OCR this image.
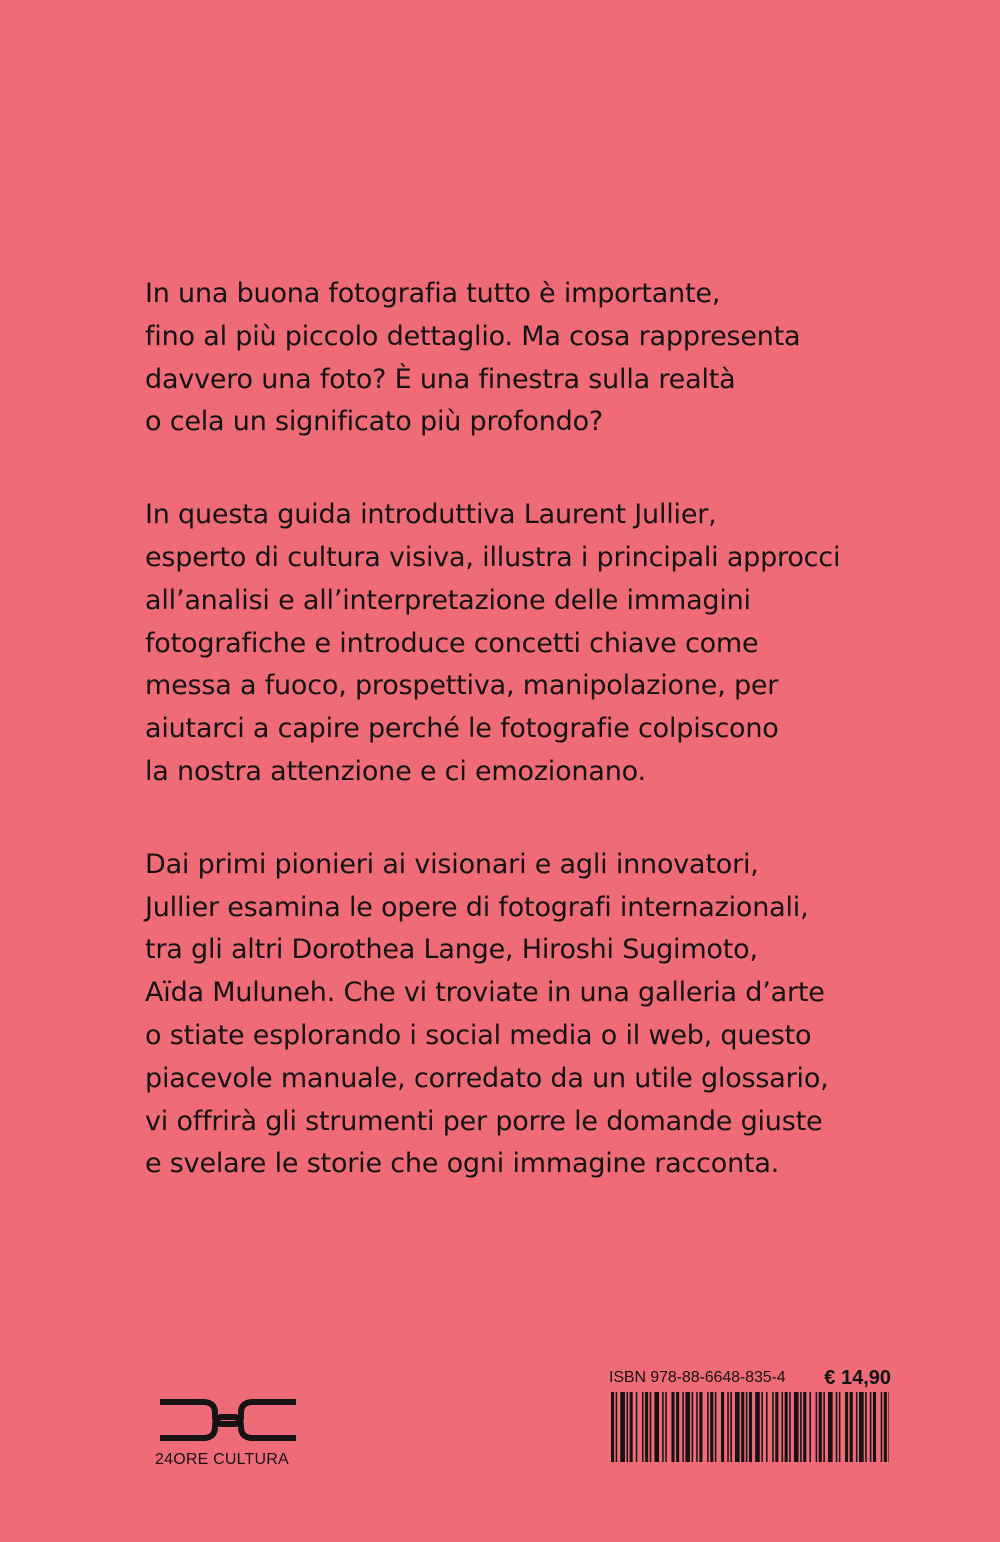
In una buona fotografia tutto è importante,
fino al più piccolo dettaglio. Ma cosa rappresenta
davvero una foto? È una finestra sulla realtà
o cela un significato più profondo?

In questa guida introduttiva Laurent Jullier,
esperto di cultura visiva, illustra i principali approcci
all’analisi e all’interpretazione delle immagini
fotografiche e introduce concetti chiave come
messa a fuoco, prospettiva, manipolazione, per
aiutarci a capire perché le fotografie colpiscono
la nostra attenzione e ci emozionano.

Dai primi pionieri ai visionari e agli innovatori,
Jullier esamina le opere di fotografi internazionali,
tra gli altri Dorothea Lange, Hiroshi Sugimoto,
Aïda Muluneh. Che vi troviate in una galleria d’arte
o stiate esplorando i social media o il web, questo
piacevole manuale, corredato da un utile glossario,
vi offrirà gli strumenti per porre le domande giuste
e svelare le storie che ogni immagine racconta.

24ORE CULTURA
ISBN 978-88-6648-835-4 € 14,90
